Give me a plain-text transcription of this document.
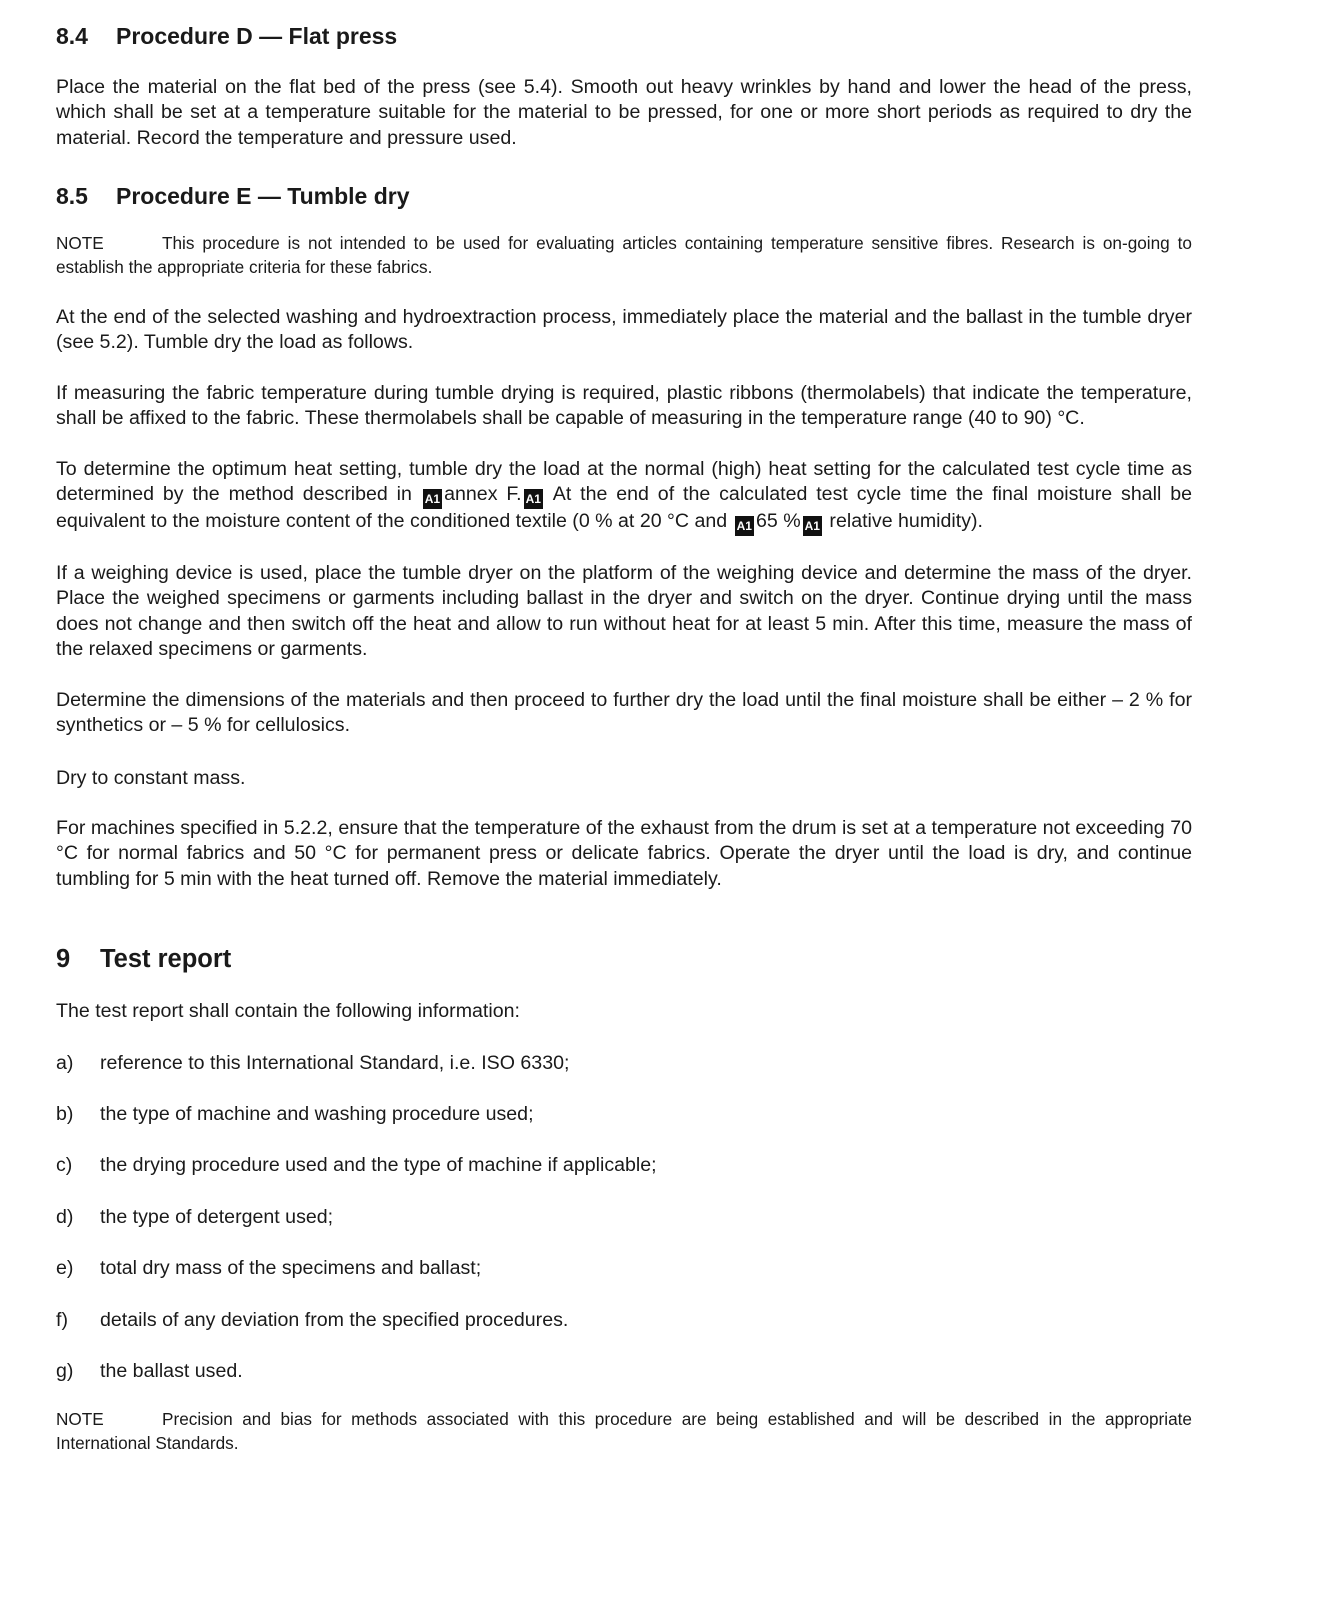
8.4 Procedure D — Flat press

Place the material on the flat bed of the press (see 5.4). Smooth out heavy wrinkles by hand and lower the head of the press, which shall be set at a temperature suitable for the material to be pressed, for one or more short periods as required to dry the material. Record the temperature and pressure used.

8.5 Procedure E — Tumble dry

NOTE	This procedure is not intended to be used for evaluating articles containing temperature sensitive fibres. Research is on-going to establish the appropriate criteria for these fabrics.

At the end of the selected washing and hydroextraction process, immediately place the material and the ballast in the tumble dryer (see 5.2). Tumble dry the load as follows.

If measuring the fabric temperature during tumble drying is required, plastic ribbons (thermolabels) that indicate the temperature, shall be affixed to the fabric. These thermolabels shall be capable of measuring in the temperature range (40 to 90) °C.

To determine the optimum heat setting, tumble dry the load at the normal (high) heat setting for the calculated test cycle time as determined by the method described in A1 annex F. A1 At the end of the calculated test cycle time the final moisture shall be equivalent to the moisture content of the conditioned textile (0 % at 20 °C and A1 65 % A1 relative humidity).

If a weighing device is used, place the tumble dryer on the platform of the weighing device and determine the mass of the dryer. Place the weighed specimens or garments including ballast in the dryer and switch on the dryer. Continue drying until the mass does not change and then switch off the heat and allow to run without heat for at least 5 min. After this time, measure the mass of the relaxed specimens or garments.

Determine the dimensions of the materials and then proceed to further dry the load until the final moisture shall be either – 2 % for synthetics or – 5 % for cellulosics.

Dry to constant mass.

For machines specified in 5.2.2, ensure that the temperature of the exhaust from the drum is set at a temperature not exceeding 70 °C for normal fabrics and 50 °C for permanent press or delicate fabrics. Operate the dryer until the load is dry, and continue tumbling for 5 min with the heat turned off. Remove the material immediately.

9 Test report

The test report shall contain the following information:

a)	reference to this International Standard, i.e. ISO 6330;
b)	the type of machine and washing procedure used;
c)	the drying procedure used and the type of machine if applicable;
d)	the type of detergent used;
e)	total dry mass of the specimens and ballast;
f)	details of any deviation from the specified procedures.
g)	the ballast used.

NOTE	Precision and bias for methods associated with this procedure are being established and will be described in the appropriate International Standards.
